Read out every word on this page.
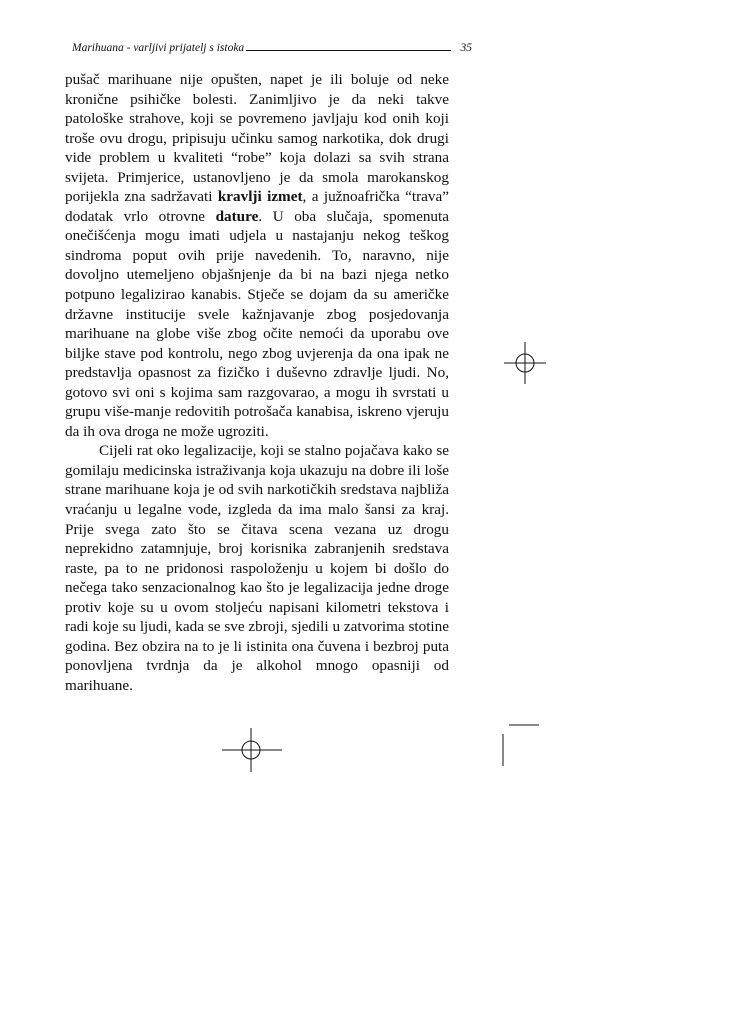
Marihuana - varljivi prijatelj s istoka	35

pušač marihuane nije opušten, napet je ili boluje od neke kronične psihičke bolesti. Zanimljivo je da neki takve patološke strahove, koji se povremeno javljaju kod onih koji troše ovu drogu, pripisuju učinku samog narkotika, dok drugi vide problem u kvaliteti “robe” koja dolazi sa svih strana svijeta. Primjerice, ustanovljeno je da smola marokanskog porijekla zna sadržavati kravlji izmet, a južnoafrička “trava” dodatak vrlo otrovne dature. U oba slučaja, spomenuta onečišćenja mogu imati udjela u nastajanju nekog teškog sindroma poput ovih prije navedenih. To, naravno, nije dovoljno utemeljeno objašnjenje da bi na bazi njega netko potpuno legalizirao kanabis. Stječe se dojam da su američke državne institucije svele kažnjavanje zbog posjedovanja marihuane na globe više zbog očite nemoći da uporabu ove biljke stave pod kontrolu, nego zbog uvjerenja da ona ipak ne predstavlja opasnost za fizičko i duševno zdravlje ljudi. No, gotovo svi oni s kojima sam razgovarao, a mogu ih svrstati u grupu više-manje redovitih potrošača kanabisa, iskreno vjeruju da ih ova droga ne može ugroziti.

Cijeli rat oko legalizacije, koji se stalno pojačava kako se gomilaju medicinska istraživanja koja ukazuju na dobre ili loše strane marihuane koja je od svih narkotičkih sredstava najbliža vraćanju u legalne vode, izgleda da ima malo šansi za kraj. Prije svega zato što se čitava scena vezana uz drogu neprekidno zatamnjuje, broj korisnika zabranjenih sredstava raste, pa to ne pridonosi raspoloženju u kojem bi došlo do nečega tako senzacionalnog kao što je legalizacija jedne droge protiv koje su u ovom stoljeću napisani kilometri tekstova i radi koje su ljudi, kada se sve zbroji, sjedili u zatvorima stotine godina. Bez obzira na to je li istinita ona čuvena i bezbroj puta ponovljena tvrdnja da je alkohol mnogo opasniji od marihuane.
